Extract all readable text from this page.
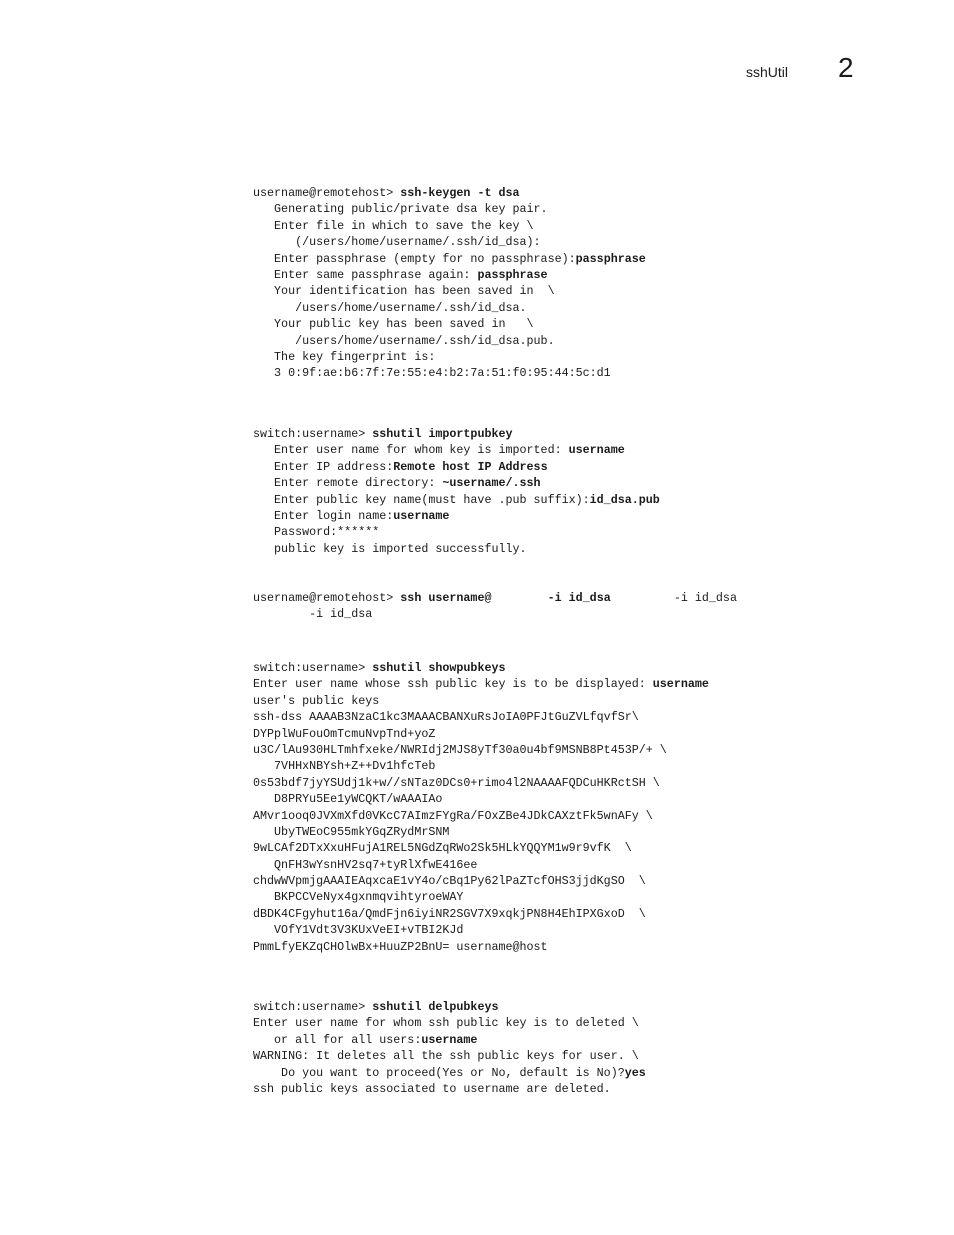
sshUtil 2
username@remotehost> ssh-keygen -t dsa
Generating public/private dsa key pair.
Enter file in which to save the key \
(/users/home/username/.ssh/id_dsa):
Enter passphrase (empty for no passphrase):passphrase
Enter same passphrase again: passphrase
Your identification has been saved in  \
/users/home/username/.ssh/id_dsa.
Your public key has been saved in   \
/users/home/username/.ssh/id_dsa.pub.
The key fingerprint is:
3 0:9f:ae:b6:7f:7e:55:e4:b2:7a:51:f0:95:44:5c:d1
switch:username> sshutil importpubkey
Enter user name for whom key is imported: username
Enter IP address:Remote host IP Address
Enter remote directory: ~username/.ssh
Enter public key name(must have .pub suffix):id_dsa.pub
Enter login name:username
Password:******
public key is imported successfully.
username@remotehost> ssh username@	-i id_dsa         -i id_dsa
-i id_dsa
switch:username> sshutil showpubkeys
Enter user name whose ssh public key is to be displayed: username
user's public keys
ssh-dss AAAAB3NzaC1kc3MAAACBANXuRsJoIA0PFJtGuZVLfqvfSr\
DYPplWuFouOmTcmuNvpTnd+yoZ
u3C/lAu930HLTmhfxeke/NWRIdj2MJS8yTf30a0u4bf9MSNB8Pt453P/+ \
7VHHxNBYsh+Z++Dv1hfcTeb
0s53bdf7jyYSUdj1k+w//sNTaz0DCs0+rimo4l2NAAAAFQDCuHKRctSH \
D8PRYu5Ee1yWCQKT/wAAAIAo
AMvr1ooq0JVXmXfd0VKcC7AImzFYgRa/FOxZBe4JDkCAXztFk5wnAFy \
UbyTWEoC955mkYGqZRydMrSNM
9wLCAf2DTxXxuHFujA1REL5NGdZqRWo2Sk5HLkYQQYM1w9r9vfK  \
QnFH3wYsnHV2sq7+tyRlXfwE416ee
chdwWVpmjgAAAIEAqxcaE1vY4o/cBq1Py62lPaZTcfOHS3jjdKgSO  \
BKPCCVeNyx4gxnmqvihtyroeWAY
dBDK4CFgyhut16a/QmdFjn6iyiNR2SGV7X9xqkjPN8H4EhIPXGxoD  \
VOfY1Vdt3V3KUxVeEI+vTBI2KJd
PmmLfyEKZqCHOlwBx+HuuZP2BnU= username@host
switch:username> sshutil delpubkeys
Enter user name for whom ssh public key is to deleted \
or all for all users:username
WARNING: It deletes all the ssh public keys for user. \
Do you want to proceed(Yes or No, default is No)?yes
ssh public keys associated to username are deleted.
